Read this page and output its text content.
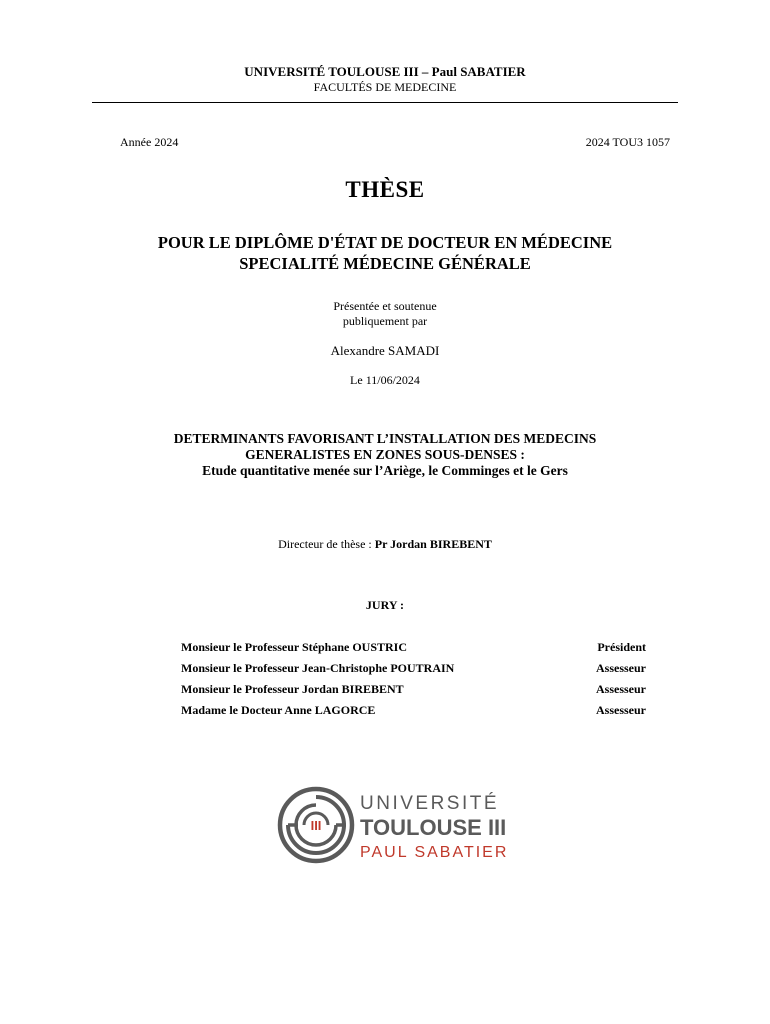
UNIVERSITÉ TOULOUSE III – Paul SABATIER
FACULTÉS DE MEDECINE
Année 2024	2024 TOU3 1057
THÈSE
POUR LE DIPLÔME D'ÉTAT DE DOCTEUR EN MÉDECINE
SPECIALITÉ MÉDECINE GÉNÉRALE
Présentée et soutenue
publiquement par
Alexandre SAMADI
Le 11/06/2024
DETERMINANTS FAVORISANT L’INSTALLATION DES MEDECINS
GENERALISTES EN ZONES SOUS-DENSES :
Etude quantitative menée sur l’Ariège, le Comminges et le Gers
Directeur de thèse : Pr Jordan BIREBENT
JURY :
Monsieur le Professeur Stéphane OUSTRIC	Président
Monsieur le Professeur Jean-Christophe POUTRAIN	Assesseur
Monsieur le Professeur Jordan BIREBENT	Assesseur
Madame le Docteur Anne LAGORCE	Assesseur
III
UNIVERSITÉ
TOULOUSE III
PAUL SABATIER
